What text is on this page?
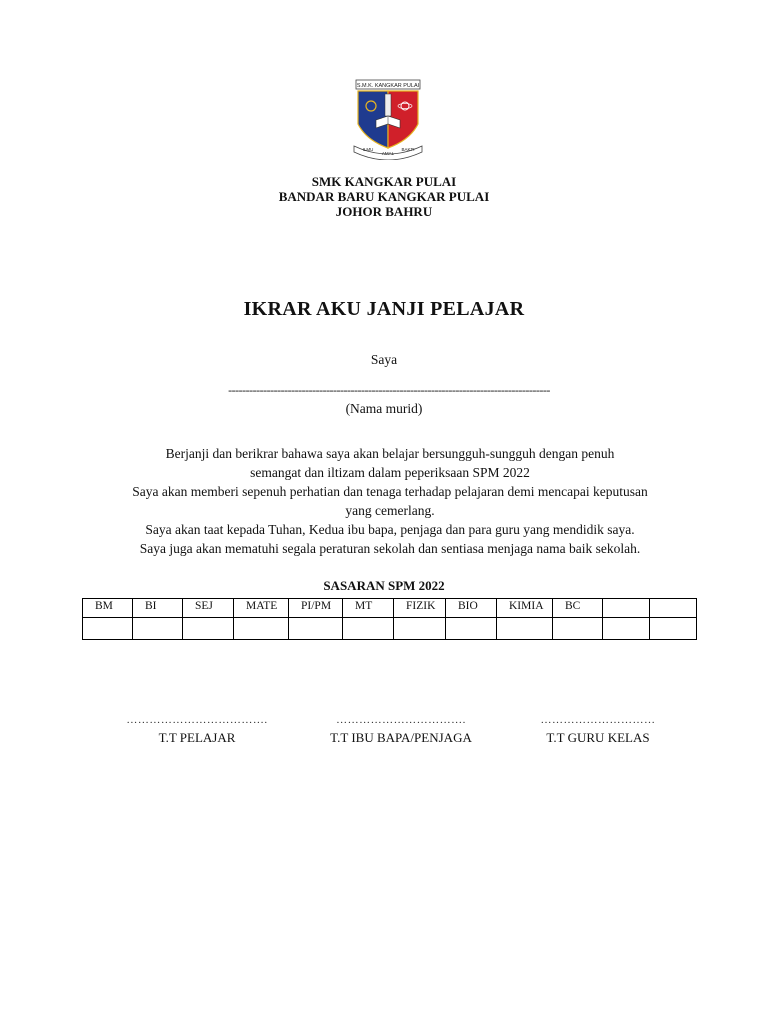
S.M.K. KANGKAR PULAI
ILMU
AMAL
BAKTI
SMK KANGKAR PULAI
BANDAR BARU KANGKAR PULAI
JOHOR BAHRU
IKRAR AKU JANJI PELAJAR
Saya
--------------------------------------------------------------------------------------------
(Nama murid)
Berjanji dan berikrar bahawa saya akan belajar bersungguh-sungguh dengan penuh
semangat dan iltizam dalam peperiksaan SPM 2022
Saya akan memberi sepenuh perhatian dan tenaga terhadap pelajaran demi mencapai keputusan
yang cemerlang.
Saya akan taat kepada Tuhan, Kedua ibu bapa, penjaga dan para guru yang mendidik saya.
Saya juga akan mematuhi segala peraturan sekolah dan sentiasa menjaga nama baik sekolah.
SASARAN SPM 2022
BM	BI	SEJ	MATE	PI/PM	MT	FIZIK	BIO	KIMIA	BC		

……………………………….
T.T PELAJAR
…………………………….
T.T IBU BAPA/PENJAGA
…………………………
T.T GURU KELAS
